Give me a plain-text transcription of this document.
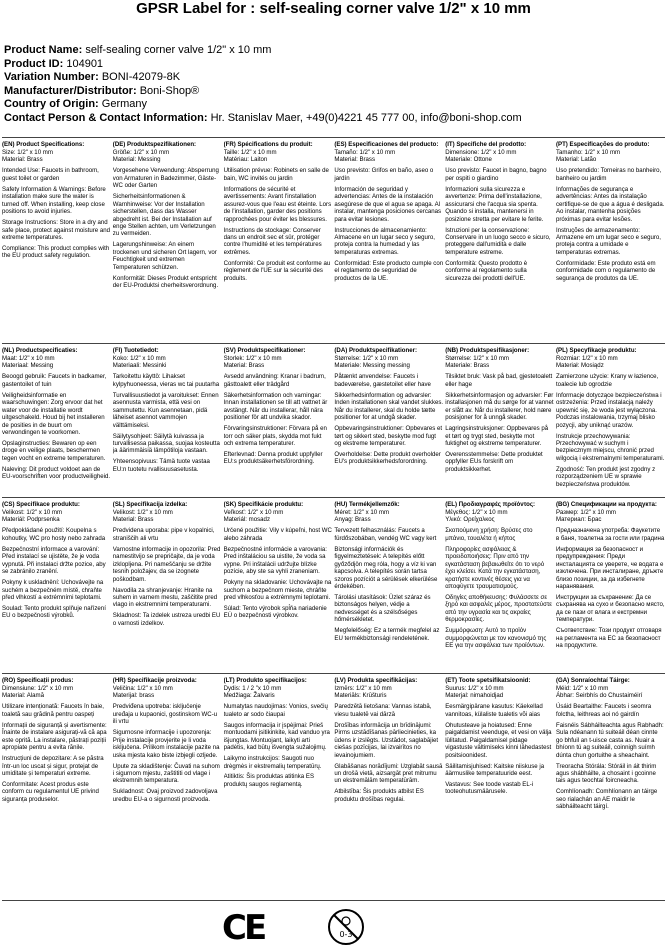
GPSR Label for : self-sealing corner valve 1/2" x 10 mm
Product Name: self-sealing corner valve 1/2" x 10 mm
Product ID: 104901
Variation Number: BONI-42079-8K
Manufacturer/Distributor: Boni-Shop®
Country of Origin: Germany
Contact Person & Contact Information: Hr. Stanislav Maer, +49(0)4221 45 777 00, info@boni-shop.com
(EN) Product Specifications:
Size: 1/2" x 10 mm
Material: Brass
Intended Use: Faucets in bathroom, guest toilet or garden
Safety Information & Warnings: Before installation make sure the water is turned off. When installing, keep close positions to avoid injuries.
Storage Instructions: Store in a dry and safe place, protect against moisture and extreme temperatures.
Compliance: This product complies with the EU product safety regulation.
(DE) Produktspezifikationen:
Größe: 1/2" x 10 mm
Material: Messing
Vorgesehene Verwendung: Absperrung von Armaturen in Badezimmer, Gäste-WC oder Garten
Sicherheitsinformationen & Warnhinweise: Vor der Installation sicherstellen, dass das Wasser abgedreht ist. Bei der Installation auf enge Stellen achten, um Verletzungen zu vermeiden.
Lagerungshinweise: An einem trockenen und sicheren Ort lagern, vor Feuchtigkeit und extremen Temperaturen schützen.
Konformität: Dieses Produkt entspricht der EU-Produktsi cherheitsverordnung.
(FR) Spécifications du produit:
Taille: 1/2" x 10 mm
Matériau: Laiton
Utilisation prévue: Robinets en salle de bain, WC invités ou jardin
Informations de sécurité et avertissements: Avant l'installation assurez-vous que l'eau est éteinte. Lors de l'installation, garder des positions rapprochées pour éviter les blessures.
Instructions de stockage: Conserver dans un endroit sec et sûr, protéger contre l'humidité et les températures extrêmes.
Conformité: Ce produit est conforme au règlement de l'UE sur la sécurité des produits.
(ES) Especificaciones del producto:
Tamaño: 1/2" x 10 mm
Material: Brass
Uso previsto: Grifos en baño, aseo o jardín
Información de seguridad y advertencias: Antes de la instalación asegúrese de que el agua se apaga. Al instalar, mantenga posiciones cercanas para evitar lesiones.
Instrucciones de almacenamiento: Almacene en un lugar seco y seguro, proteja contra la humedad y las temperaturas extremas.
Conformidad: Este producto cumple con el reglamento de seguridad de productos de la UE.
(IT) Specifiche del prodotto:
Dimensione: 1/2" x 10 mm
Materiale: Ottone
Uso previsto: Faucet in bagno, bagno per ospiti o giardino
Informazioni sulla sicurezza e avvertenze: Prima dell'installazione, assicurarsi che l'acqua sia spenta. Quando si installa, mantenersi in posizione stretta per evitare le ferite.
Istruzioni per la conservazione: Conservare in un luogo secco e sicuro, proteggere dall'umidità e dalle temperature estreme.
Conformità: Questo prodotto è conforme al regolamento sulla sicurezza dei prodotti dell'UE.
(PT) Especificações do produto:
Tamanho: 1/2" x 10 mm
Material: Latão
Uso pretendido: Torneiras no banheiro, banheiro ou jardim
Informações de segurança e advertências: Antes da instalação certifique-se de que a água é desligada. Ao instalar, mantenha posições próximas para evitar lesões.
Instruções de armazenamento: Armazene em um lugar seco e seguro, proteja contra a umidade e temperaturas extremas.
Conformidade: Este produto está em conformidade com o regulamento de segurança de produtos da UE.
(NL) Productspecificaties:
Maat: 1/2" x 10 mm
Materiaal: Messing
Beoogd gebruik: Faucets in badkamer, gastentoilet of tuin
Veiligheidsinformatie en waarschuwingen: Zorg ervoor dat het water voor de installatie wordt uitgeschakeld. Houd bij het installeren de posities in de buurt om verwondingen te voorkomen.
Opslaginstructies: Bewaren op een droge en veilige plaats, beschermen tegen vocht en extreme temperaturen.
Naleving: Dit product voldoet aan de EU-voorschriften voor productveiligheid.
(FI) Tuotetiedot:
Koko: 1/2" x 10 mm
Materiaali: Messinki
Tarkoitettu käyttö: Lihakset kylpyhuoneessa, vieras wc tai puutarha
Turvallisuustiedot ja varoitukset: Ennen asennusta varmista, että vesi on sammutettu. Kun asennetaan, pidä läheiset asennot vammojen välttämiseksi.
Säilytysohjeet: Säilytä kuivassa ja turvallisessa paikassa, suojaa kosteutta ja äärimmäisiä lämpötiloja vastaan.
Yhteensopivuus: Tämä tuote vastaa EU:n tuotetu rvallisuusasetusta.
(SV) Produktspecifikationer:
Storlek: 1/2" x 10 mm
Material: Brass
Avsedd användning: Kranar i badrum, gästtoalett eller trädgård
Säkerhetsinformation och varningar: Innan installationen se till att vattnet är avstängt. När du installerar, håll nära positioner för att undvika skador.
Förvaringsinstruktioner: Förvara på en torr och säker plats, skydda mot fukt och extrema temperaturer.
Efterlevnad: Denna produkt uppfyller EU:s produktsäkerhetsförordning.
(DA) Produktspecifikationer:
Størrelse: 1/2" x 10 mm
Materiale: Messing messing
Påtænkt anvendelse: Faucets i badeværelse, gæstetoilet eller have
Sikkerhedsinformation og advarsler: Inden installationen skal vandet slukkes. Når du installerer, skal du holde tætte positioner for at undgå skader.
Opbevaringsinstruktioner: Opbevares et tørt og sikkert sted, beskytte mod fugt og ekstreme temperaturer.
Overholdelse: Dette produkt overholder EU's produktsikkerhedsforordning.
(NB) Produktspesifikasjoner:
Størrelse: 1/2" x 10 mm
Materiale: Brass
Tilsiktet bruk: Vask på bad, gjestetoalett eller hage
Sikkerhetsinformasjon og advarsler: Før installasjonen må du sørge for at vannet er slått av. Når du installerer, hold nære posisjoner for å unngå skader.
Lagringsinstruksjoner: Oppbevares på et tørt og trygt sted, beskytte mot fuktighet og ekstreme temperaturer.
Overensstemmelse: Dette produktet oppfyller EUs forskrift om produktsikkerhet.
(PL) Specyfikacje produktu:
Rozmiar: 1/2" x 10 mm
Materiał: Mosiądz
Zamierzone użycie: Krany w łazience, toalecie lub ogrodzie
Informacje dotyczące bezpieczeństwa i ostrzeżenia: Przed instalacją należy upewnić się, że woda jest wyłączona. Podczas instalowania, trzymaj blisko pozycji, aby uniknąć urazów.
Instrukcje przechowywania: Przechowywać w suchym i bezpiecznym miejscu, chronić przed wilgocią i ekstremalnymi temperaturami.
Zgodność: Ten produkt jest zgodny z rozporządzeniem UE w sprawie bezpieczeństwa produktów.
(CS) Specifikace produktu:
Velikost: 1/2" x 10 mm
Materiál: Podprsenka
Předpokládané použití: Koupelna s kohoutky, WC pro hosty nebo zahrada
Bezpečnostní informace a varování: Před instalací se ujistěte, že je voda vypnutá. Při instalaci držte pozice, aby se zabránilo zranění.
Pokyny k uskladnění: Uchovávejte na suchém a bezpečném místě, chraňte před vlhkostí a extrémními teplotami.
Soulad: Tento produkt splňuje nařízení EU o bezpečnosti výrobků.
(SL) Specifikacija izdelka:
Velikost: 1/2" x 10 mm
Material: Brass
Predvidena uporaba: pipe v kopalnici, straniščih ali vrtu
Varnostne informacije in opozorila: Pred namestitvijo se prepričajte, da je voda izklopljena. Pri nameščanju se držite tesnih položajev, da se izognete poškodbam.
Navodila za shranjevanje: Hranite na suhem in varnem mestu, zaščitite pred vlago in ekstremnimi temperaturami.
Skladnost: Ta izdelek ustreza uredbi EU o varnosti izdelkov.
(SK) Špecifikácie produktu:
Veľkosť: 1/2" x 10 mm
Materiál: mosadz
Určené použitie: Vily v kúpeľni, host WC alebo záhrada
Bezpečnostné informácie a varovania: Pred inštaláciou sa uistite, že voda sa vypne. Pri inštalácii udržujte blízke pozície, aby ste sa vyhli zraneniam.
Pokyny na skladovanie: Uchovávajte na suchom a bezpečnom mieste, chráňte pred vlhkosťou a extrémnymi teplotami.
Súlad: Tento výrobok spĺňa nariadenie EÚ o bezpečnosti výrobkov.
(HU) Termékjellemzők:
Méret: 1/2" x 10 mm
Anyag: Brass
Tervezett felhasználás: Faucets a fürdőszobában, vendég WC vagy kert
Biztonsági információk és figyelmeztetések: A telepítés előtt győződjön meg róla, hogy a víz ki van kapcsolva. A telepítés során tartsa szoros pozíciót a sérülések elkerülése érdekében.
Tárolási utasítások: Üzlet száraz és biztonságos helyen, védje a nedvességet és a szélsőséges hőmérsékletet.
Megfelelőség: Ez a termék megfelel az EU termékbiztonsági rendeletének.
(EL) Προδιαγραφές προϊόντος:
Μέγεθος: 1/2" x 10 mm
Υλικό: Ορείχαλκος
Σκοπούμενη χρήση: Βρύσες στο μπάνιο, τουαλέτα ή κήπος
Πληροφορίες ασφάλειας & προειδοποιήσεις: Πριν από την εγκατάσταση βεβαιωθείτε ότι το νερό έχει κλείσει. Κατά την εγκατάσταση, κρατήστε κοντινές θέσεις για να αποφύγετε τραυματισμούς.
Οδηγίες αποθήκευσης: Φυλάσσετε σε ξηρό και ασφαλές μέρος, προστατεύστε από την υγρασία και τις ακραίες θερμοκρασίες.
Συμμόρφωση: Αυτό το προϊόν συμμορφώνεται με τον κανονισμό της ΕΕ για την ασφάλεια των προϊόντων.
(BG) Спецификации на продукта:
Размер: 1/2" x 10 mm
Материал: Брас
Предназначена употреба: Фаукетите в баня, тоалетна за гости или градина
Информация за безопасност и предупреждения: Преди инсталацията се уверете, че водата е изключена. При инсталиране, дръжте близо позиции, за да избегнете наранявания.
Инструкции за съхранение: Да се съхранява на сухо и безопасно място, да се пази от влага и екстремни температури.
Съответствие: Този продукт отговаря на регламента на ЕС за безопасност на продуктите.
(RO) Specificații produs:
Dimensiune: 1/2" x 10 mm
Material: Alamă
Utilizare intenționată: Faucets în baie, toaletă sau grădină pentru oaspeți
Informații de siguranță și avertismente: Înainte de instalare asigurați-vă că apa este oprită. La instalare, păstrați poziții apropiate pentru a evita rănile.
Instrucțiuni de depozitare: A se păstra într-un loc uscat și sigur, protejat de umiditate și temperaturi extreme.
Conformitate: Acest produs este conform cu regulamentul UE privind siguranța produselor.
(HR) Specifikacije proizvoda:
Veličina: 1/2" x 10 mm
Materijal: brass
Predviđena upotreba: isključenje uređaja u kupaonici, gostinskom WC-u ili vrtu
Sigurnosne informacije i upozorenja: Prije instalacije provjerite je li voda isključena. Prilikom instalacije pazite na uska mjesta kako biste izbjegli ozljede.
Upute za skladištenje: Čuvati na suhom i sigurnom mjestu, zaštititi od vlage i ekstremnih temperatura.
Sukladnost: Ovaj proizvod zadovoljava uredbu EU-a o sigurnosti proizvoda.
(LT) Produkto specifikacijos:
Dydis: 1 / 2 "x 10 mm
Medžiaga: Žalvaris
Numatytas naudojimas: Vonios, svečių tualeto ar sodo čiaupai
Saugos informacija ir įspėjimai: Prieš montuodami įsitikinkite, kad vanduo yra išjungtas. Montuojant, laikyti arti padėtis, kad būtų išvengta sužalojimų.
Laikymo instrukcijos: Saugoti nuo drėgmės ir ekstremalių temperatūrų.
Atitiktis: Šis produktas atitinka ES produktų saugos reglamentą.
(LV) Produkta specifikācijas:
Izmērs: 1/2" x 10 mm
Materiāls: Krūšturis
Paredzētā lietošana: Vannas istabā, viesu tualetē vai dārzā
Drošības informācija un brīdinājumi: Pirms uzstādīšanas pārliecinieties, ka ūdens ir izslēgts. Uzstādot, saglabājiet ciešas pozīcijas, lai izvairītos no ievainojumiem.
Glabāšanas norādījumi: Uzglabāt sausā un drošā vietā, aizsargāt pret mitrumu un ekstremālām temperatūrām.
Atbilstība: Šis produkts atbilst ES produktu drošības regulai.
(ET) Toote spetsifikatsioonid:
Suurus: 1/2" x 10 mm
Materjal: nimahoidjad
Eesmärgipärane kasutus: Käekellad vannitoas, külaliste tualetis või aias
Ohutusteave ja hoiatused: Enne paigaldamist veenduge, et vesi on välja lülitatud. Paigaldamisel pidage vigastuste vältimiseks kinni lähedastest positsioonidest.
Säilitamisjuhised: Kaitske niiskuse ja äärmuslike temperatuuride eest.
Vastavus: See toode vastab EL-i tooteohutusmäärusele.
(GA) Sonraíochtaí Táirge:
Méid: 1/2" x 10 mm
Ábhar: Seirbhís do Chustaiméirí
Úsáid Beartaithe: Faucets i seomra folctha, leithreas aoi nó gairdín
Faisnéis Sábháilteachta agus Rabhadh: Sula ndéanann tú suiteáil déan cinnte go bhfuil an t-uisce casta as. Nuair a bhíonn tú ag suiteáil, coinnigh suímh dúnta chun gortuithe a sheachaint.
Treoracha Stórála: Stóráil in áit thirim agus shábháilte, a chosaint i gcoinne tais agus teochtaí foircneacha.
Comhlíonadh: Comhlíonann an táirge seo rialachán an AE maidir le sábháilteacht táirgí.
CE	0-3
